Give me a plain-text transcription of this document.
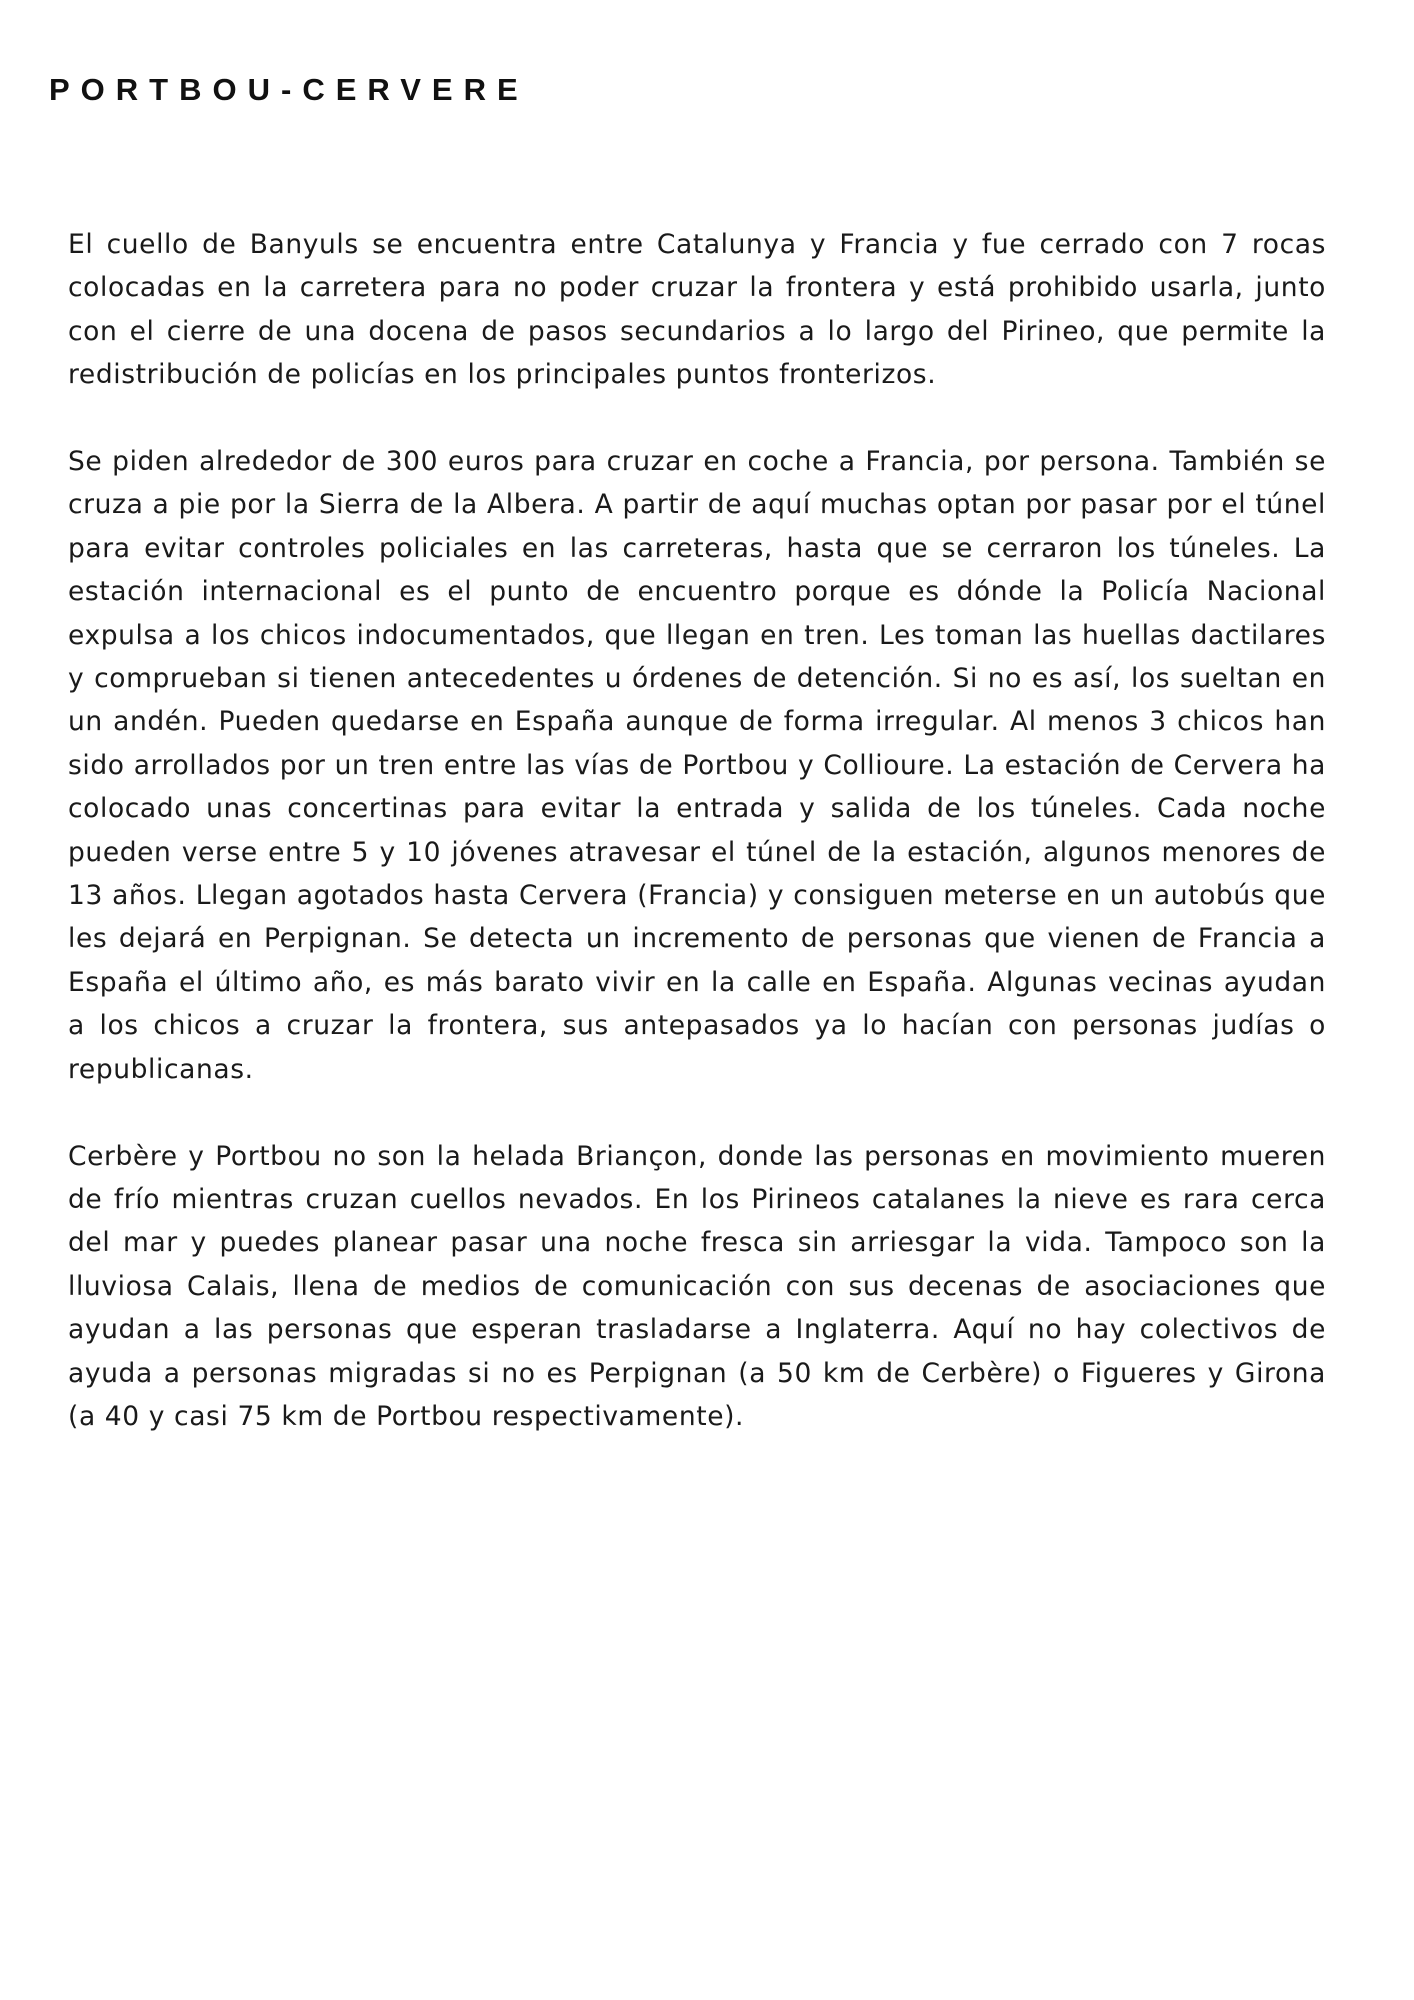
PORTBOU-CERVERE

El cuello de Banyuls se encuentra entre Catalunya y Francia y fue cerrado con 7 rocas colocadas en la carretera para no poder cruzar la frontera y está prohibido usarla, junto con el cierre de una docena de pasos secundarios a lo largo del Pirineo, que permite la redistribución de policías en los principales puntos fronterizos.

Se piden alrededor de 300 euros para cruzar en coche a Francia, por persona. También se cruza a pie por la Sierra de la Albera. A partir de aquí muchas optan por pasar por el túnel para evitar controles policiales en las carreteras, hasta que se cerraron los túneles. La estación internacional es el punto de encuentro porque es dónde la Policía Nacional expulsa a los chicos indocumentados, que llegan en tren. Les toman las huellas dactilares y comprueban si tienen antecedentes u órdenes de detención. Si no es así, los sueltan en un andén. Pueden quedarse en España aunque de forma irregular. Al menos 3 chicos han sido arrollados por un tren entre las vías de Portbou y Collioure. La estación de Cervera ha colocado unas concertinas para evitar la entrada y salida de los túneles. Cada noche pueden verse entre 5 y 10 jóvenes atravesar el túnel de la estación, algunos menores de 13 años. Llegan agotados hasta Cervera (Francia) y consiguen meterse en un autobús que les dejará en Perpignan. Se detecta un incremento de personas que vienen de Francia a España el último año, es más barato vivir en la calle en España. Algunas vecinas ayudan a los chicos a cruzar la frontera, sus antepasados ya lo hacían con personas judías o republicanas.

Cerbère y Portbou no son la helada Briançon, donde las personas en movimiento mueren de frío mientras cruzan cuellos nevados. En los Pirineos catalanes la nieve es rara cerca del mar y puedes planear pasar una noche fresca sin arriesgar la vida. Tampoco son la lluviosa Calais, llena de medios de comunicación con sus decenas de asociaciones que ayudan a las personas que esperan trasladarse a Inglaterra. Aquí no hay colectivos de ayuda a personas migradas si no es Perpignan (a 50 km de Cerbère) o Figueres y Girona (a 40 y casi 75 km de Portbou respectivamente).
